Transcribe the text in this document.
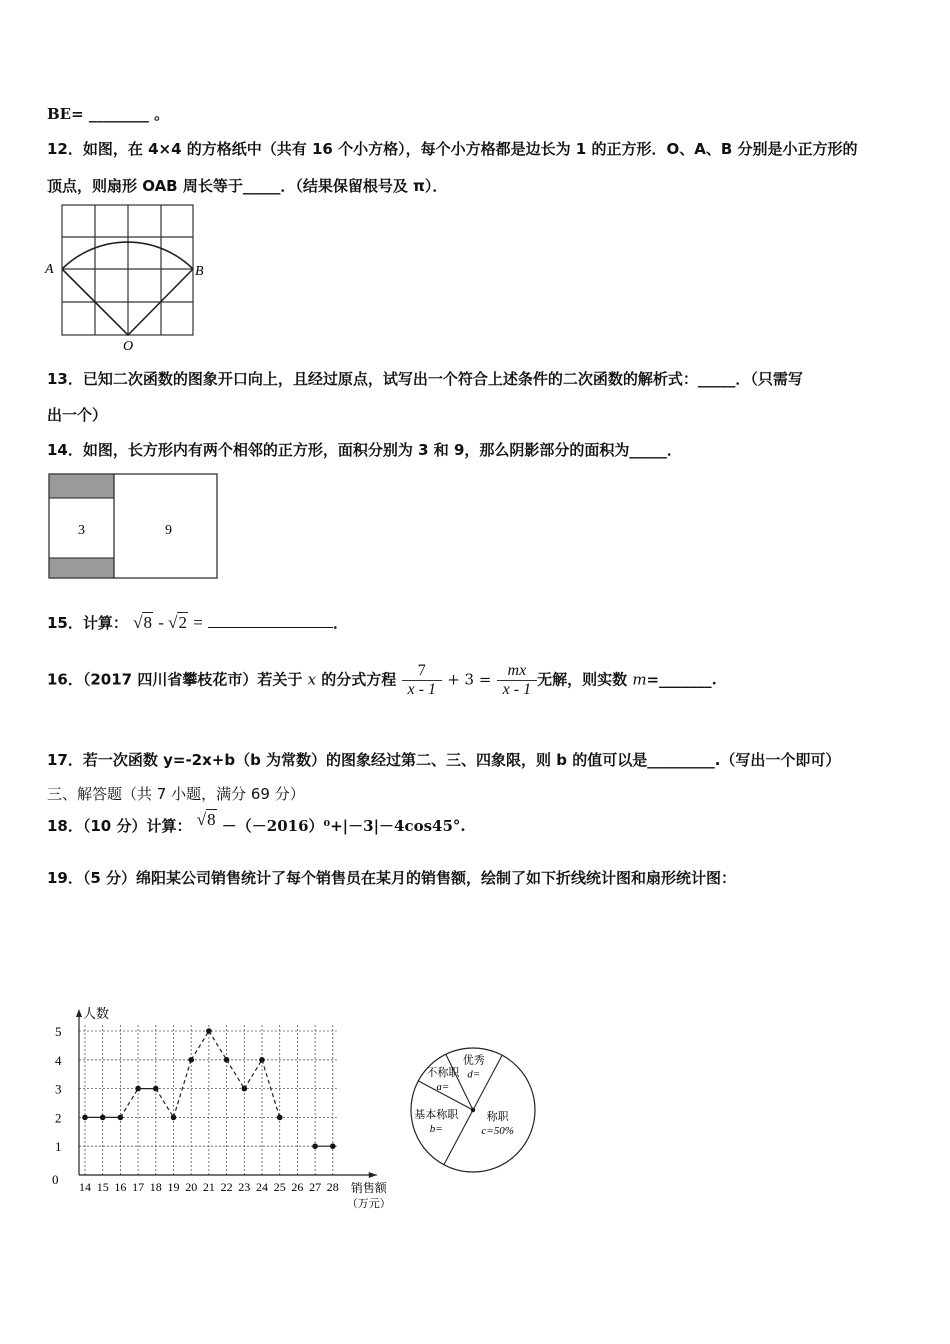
BE= ________ 。
12．如图，在 4×4 的方格纸中（共有 16 个小方格），每个小方格都是边长为 1 的正方形．O、A、B 分别是小正方形的
顶点，则扇形 OAB 周长等于_____．（结果保留根号及 π）．
A	B
O
13．已知二次函数的图象开口向上，且经过原点，试写出一个符合上述条件的二次函数的解析式：_____．（只需写
出一个）
14．如图，长方形内有两个相邻的正方形，面积分别为 3 和 9，那么阴影部分的面积为_____．
3	9
15．计算： √8 - √2 =	．
16．（2017 四川省攀枝花市）若关于 x 的分式方程 $\frac{7}{x - 1} + 3 = \frac{mx}{x - 1}$ 无解，则实数 m=_______.
17．若一次函数 y=-2x+b（b 为常数）的图象经过第二、三、四象限，则 b 的值可以是_________.（写出一个即可）
三、解答题（共 7 小题，满分 69 分）
18．（10 分）计算： √8 －（－2016）⁰+|－3|－4cos45°.
19．（5 分）绵阳某公司销售统计了每个销售员在某月的销售额，绘制了如下折线统计图和扇形统计图：
1
2
3
4
5
0 14 15 16 17 18 19 20 21 22 23 24 25 26 27 28
人数
销售额
（万元）
基本称职
b=
不称职
a=
优秀
d=
称职
c=50%
